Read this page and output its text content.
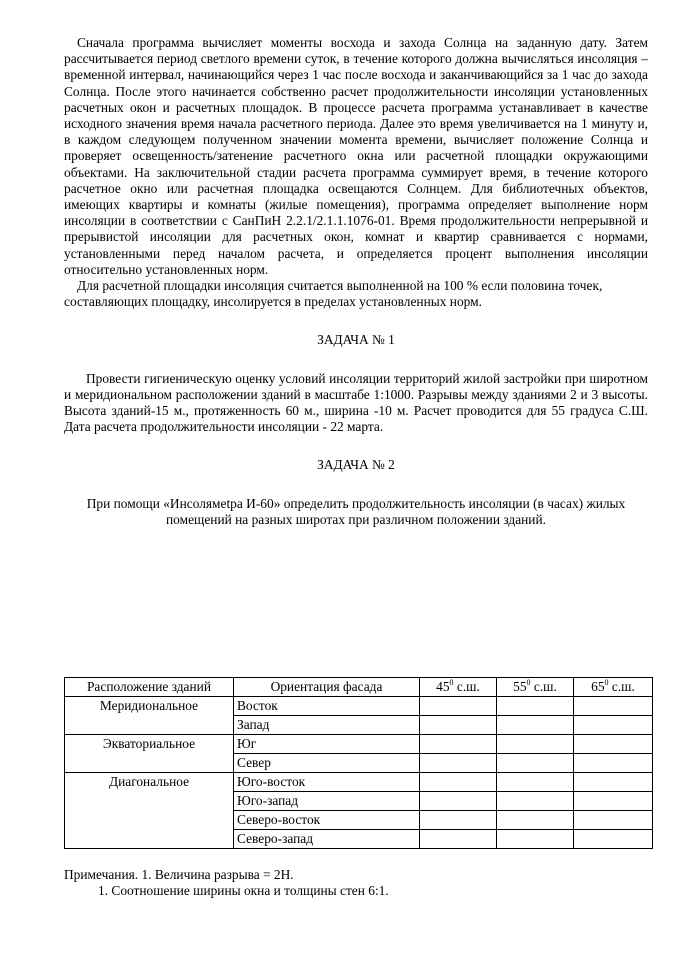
Сначала программа вычисляет моменты восхода и захода Солнца на заданную дату. Затем рассчитывается период светлого времени суток, в течение которого должна вычисляться инсоляция – временной интервал, начинающийся через 1 час после восхода и заканчивающийся за 1 час до захода Солнца. После этого начинается собственно расчет продолжительности инсоляции установленных расчетных окон и расчетных площадок. В процессе расчета программа устанавливает в качестве исходного значения время начала расчетного периода. Далее это время увеличивается на 1 минуту и, в каждом следующем полученном значении момента времени, вычисляет положение Солнца и проверяет освещенность/затенение расчетного окна или расчетной площадки окружающими объектами. На заключительной стадии расчета программа суммирует время, в течение которого расчетное окно или расчетная площадка освещаются Солнцем. Для библиотечных объектов, имеющих квартиры и комнаты (жилые помещения), программа определяет выполнение норм инсоляции в соответствии с СанПиН 2.2.1/2.1.1.1076-01. Время продолжительности непрерывной и прерывистой инсоляции для расчетных окон, комнат и квартир сравнивается с нормами, установленными перед началом расчета, и определяется процент выполнения инсоляции относительно установленных норм.

Для расчетной площадки инсоляция считается выполненной на 100 % если половина точек, составляющих площадку, инсолируется в пределах установленных норм.

ЗАДАЧА № 1

Провести гигиеническую оценку условий инсоляции территорий жилой застройки при широтном и меридиональном расположении зданий в масштабе 1:1000. Разрывы между зданиями 2 и 3 высоты. Высота зданий-15 м., протяженность 60 м., ширина -10 м. Расчет проводится для 55 градуса С.Ш. Дата расчета продолжительности инсоляции - 22 марта.

ЗАДАЧА № 2

При помощи «Инсолямetра И-60» определить продолжительность инсоляции (в часах) жилых помещений на разных широтах при различном положении зданий.

Расположение зданий	Ориентация фасада	$45^0$ с.ш.	$55^0$ с.ш.	$65^0$ с.ш.
Меридиональное	Восток			
	Запад			
Экваториальное	Юг			
	Север			
Диагональное	Юго-восток			
	Юго-запад			
	Северо-восток			
	Северо-запад			

Примечания. 1. Величина разрыва = 2Н.

1. Соотношение ширины окна и толщины стен 6:1.
